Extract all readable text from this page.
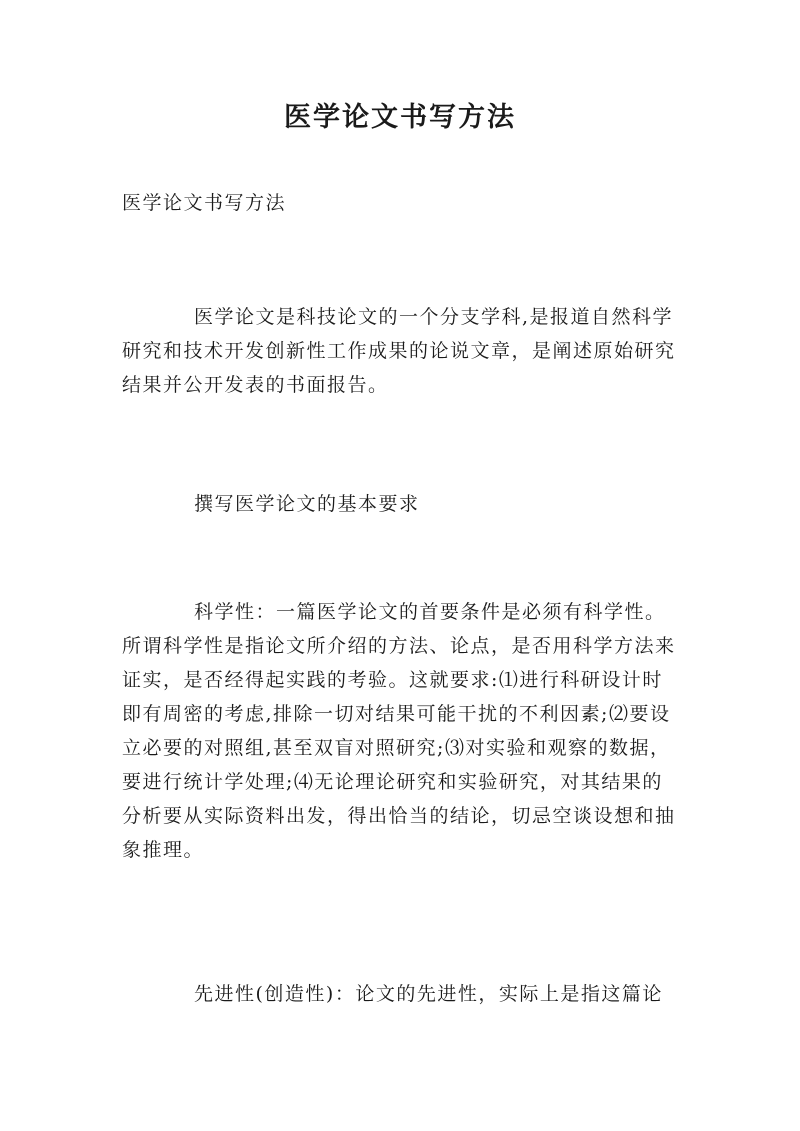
医学论文书写方法

医学论文书写方法

医学论文是科技论文的一个分支学科,是报道自然科学研究和技术开发创新性工作成果的论说文章，是阐述原始研究结果并公开发表的书面报告。

撰写医学论文的基本要求

科学性：一篇医学论文的首要条件是必须有科学性。所谓科学性是指论文所介绍的方法、论点，是否用科学方法来证实，是否经得起实践的考验。这就要求:⑴进行科研设计时即有周密的考虑,排除一切对结果可能干扰的不利因素;⑵要设立必要的对照组,甚至双盲对照研究;⑶对实验和观察的数据，要进行统计学处理;⑷无论理论研究和实验研究，对其结果的分析要从实际资料出发，得出恰当的结论，切忌空谈设想和抽象推理。

先进性(创造性)：论文的先进性，实际上是指这篇论
